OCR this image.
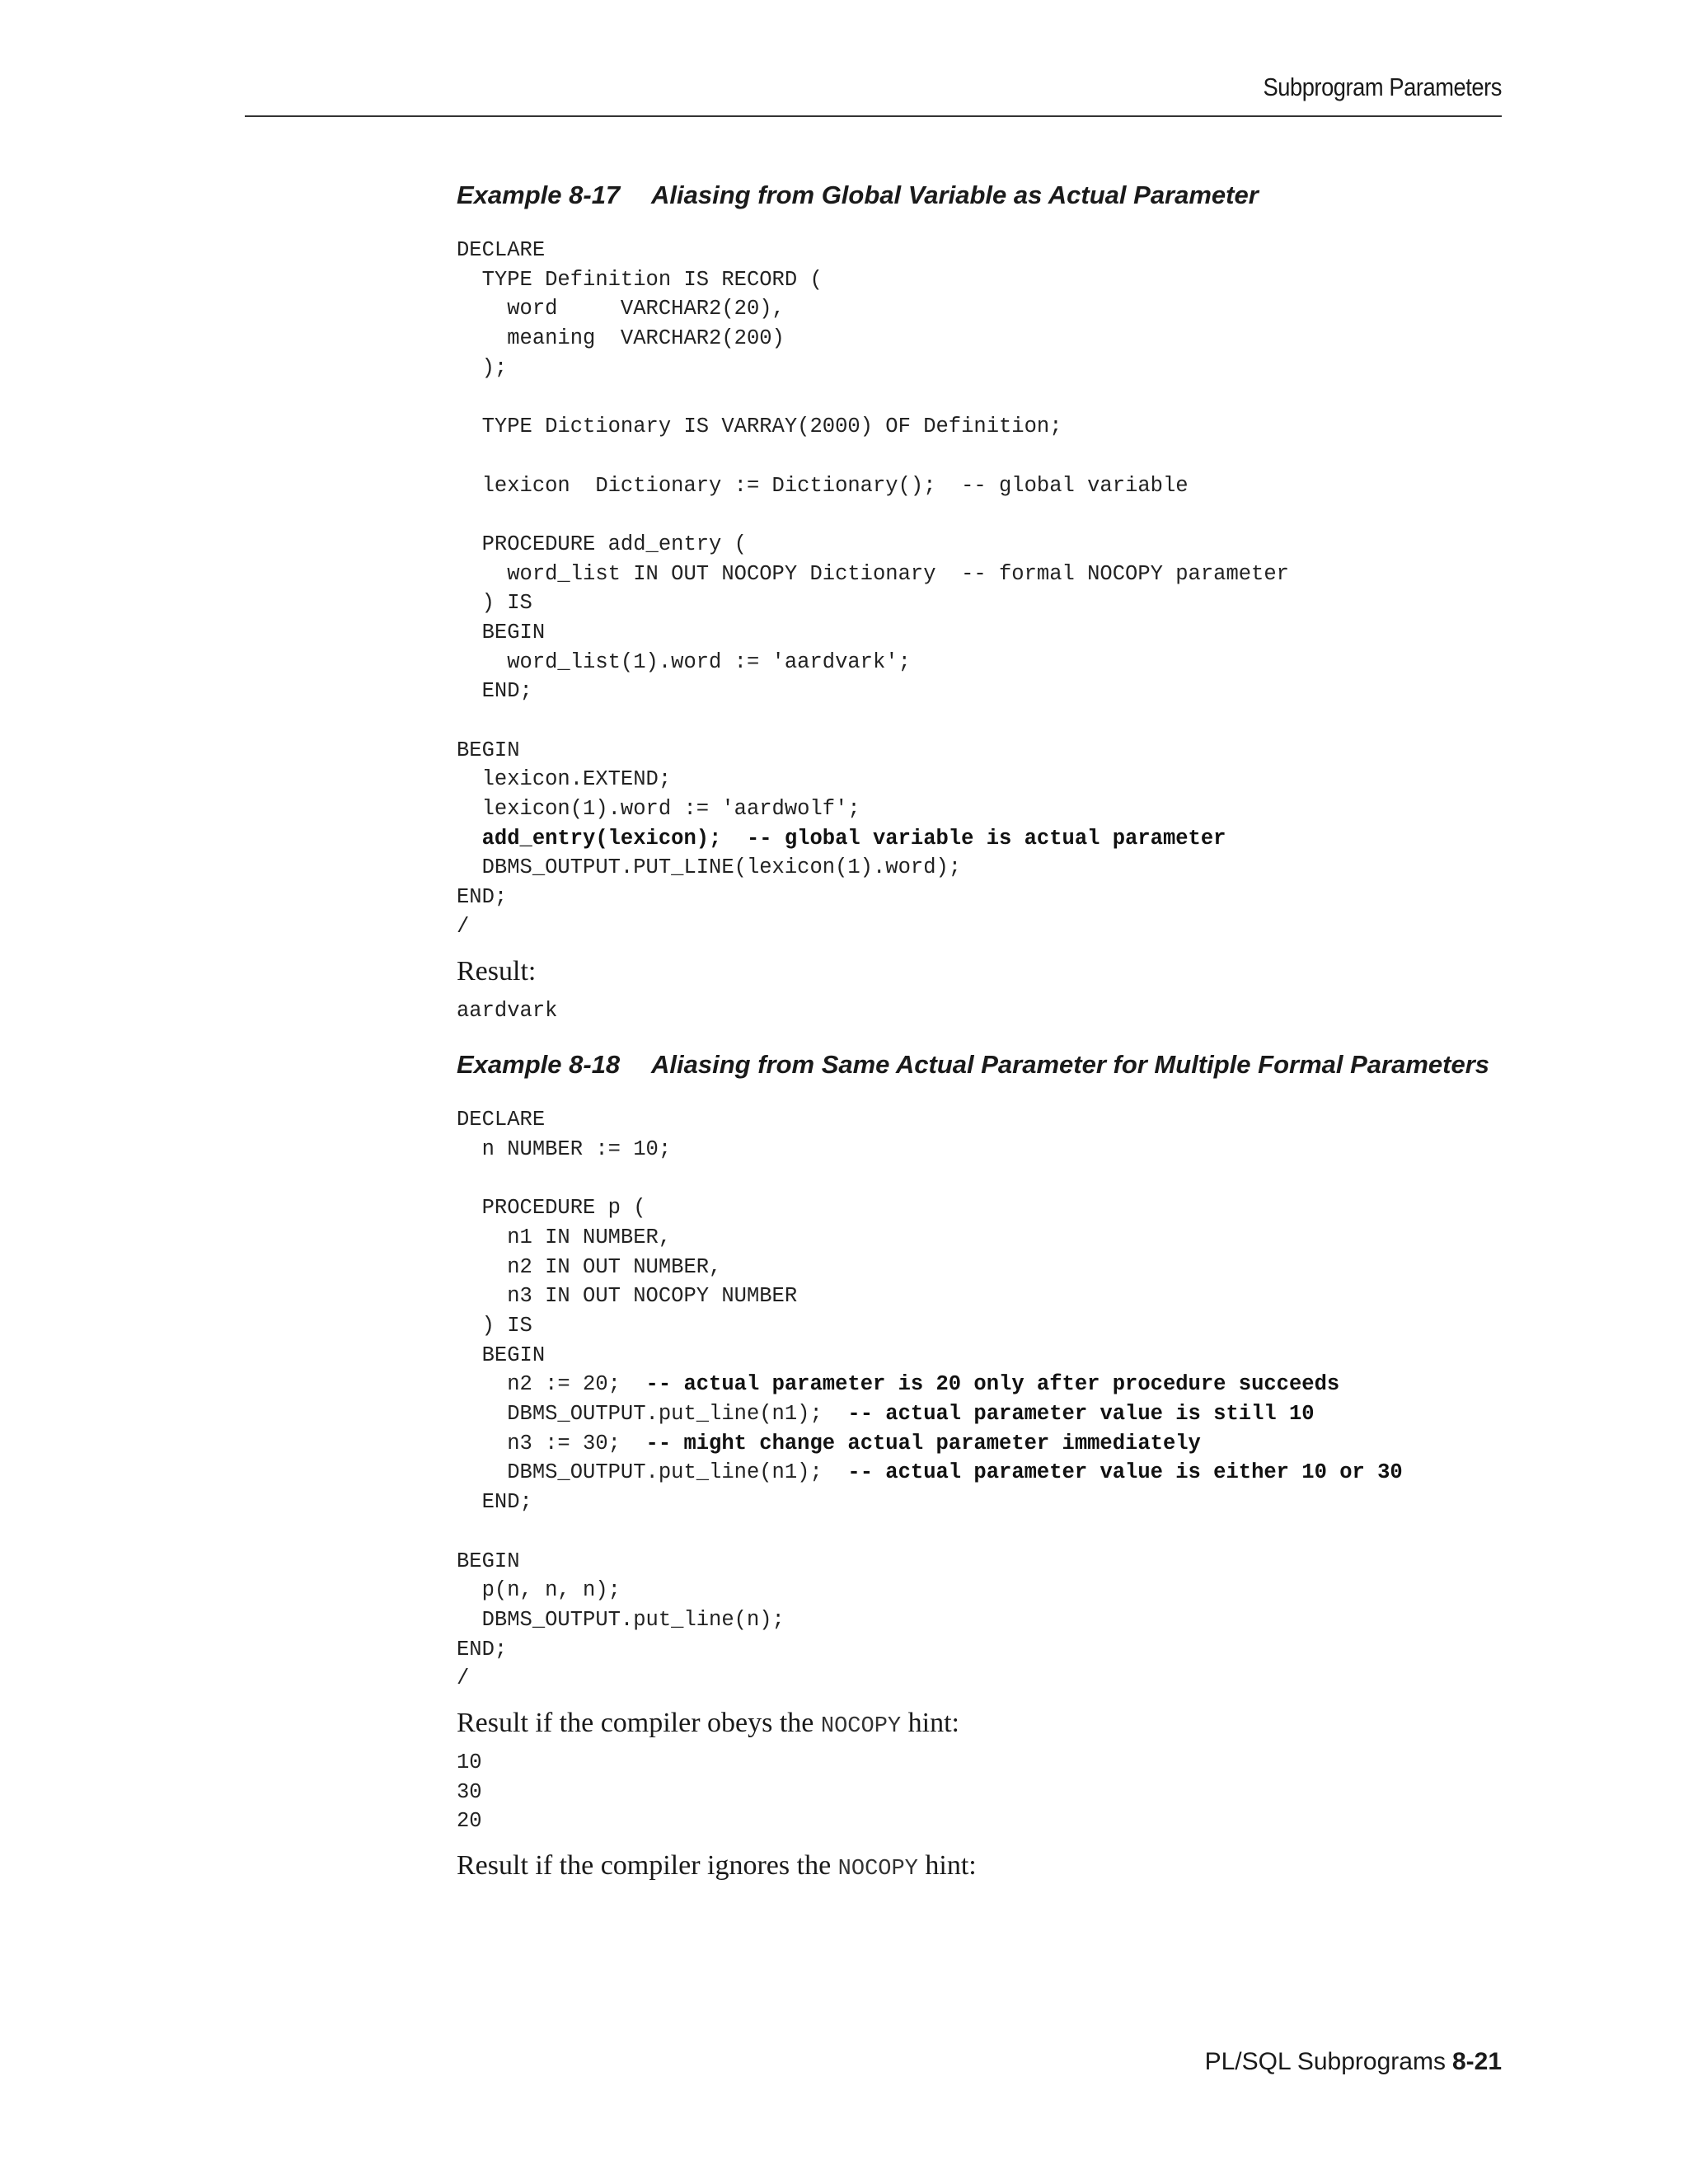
Subprogram Parameters
Example 8-17 Aliasing from Global Variable as Actual Parameter
DECLARE
TYPE Definition IS RECORD (
word     VARCHAR2(20),
meaning  VARCHAR2(200)
);
TYPE Dictionary IS VARRAY(2000) OF Definition;
lexicon  Dictionary := Dictionary();  -- global variable
PROCEDURE add_entry (
word_list IN OUT NOCOPY Dictionary  -- formal NOCOPY parameter
) IS
BEGIN
word_list(1).word := 'aardvark';
END;
BEGIN
lexicon.EXTEND;
lexicon(1).word := 'aardwolf';
add_entry(lexicon);  -- global variable is actual parameter
DBMS_OUTPUT.PUT_LINE(lexicon(1).word);
END;
/
Result:
aardvark
Example 8-18 Aliasing from Same Actual Parameter for Multiple Formal Parameters
DECLARE
n NUMBER := 10;
PROCEDURE p (
n1 IN NUMBER,
n2 IN OUT NUMBER,
n3 IN OUT NOCOPY NUMBER
) IS
BEGIN
n2 := 20;  -- actual parameter is 20 only after procedure succeeds
DBMS_OUTPUT.put_line(n1);  -- actual parameter value is still 10
n3 := 30;  -- might change actual parameter immediately
DBMS_OUTPUT.put_line(n1);  -- actual parameter value is either 10 or 30
END;
BEGIN
p(n, n, n);
DBMS_OUTPUT.put_line(n);
END;
/
Result if the compiler obeys the NOCOPY hint:
10
30
20
Result if the compiler ignores the NOCOPY hint:
PL/SQL Subprograms 8-21
